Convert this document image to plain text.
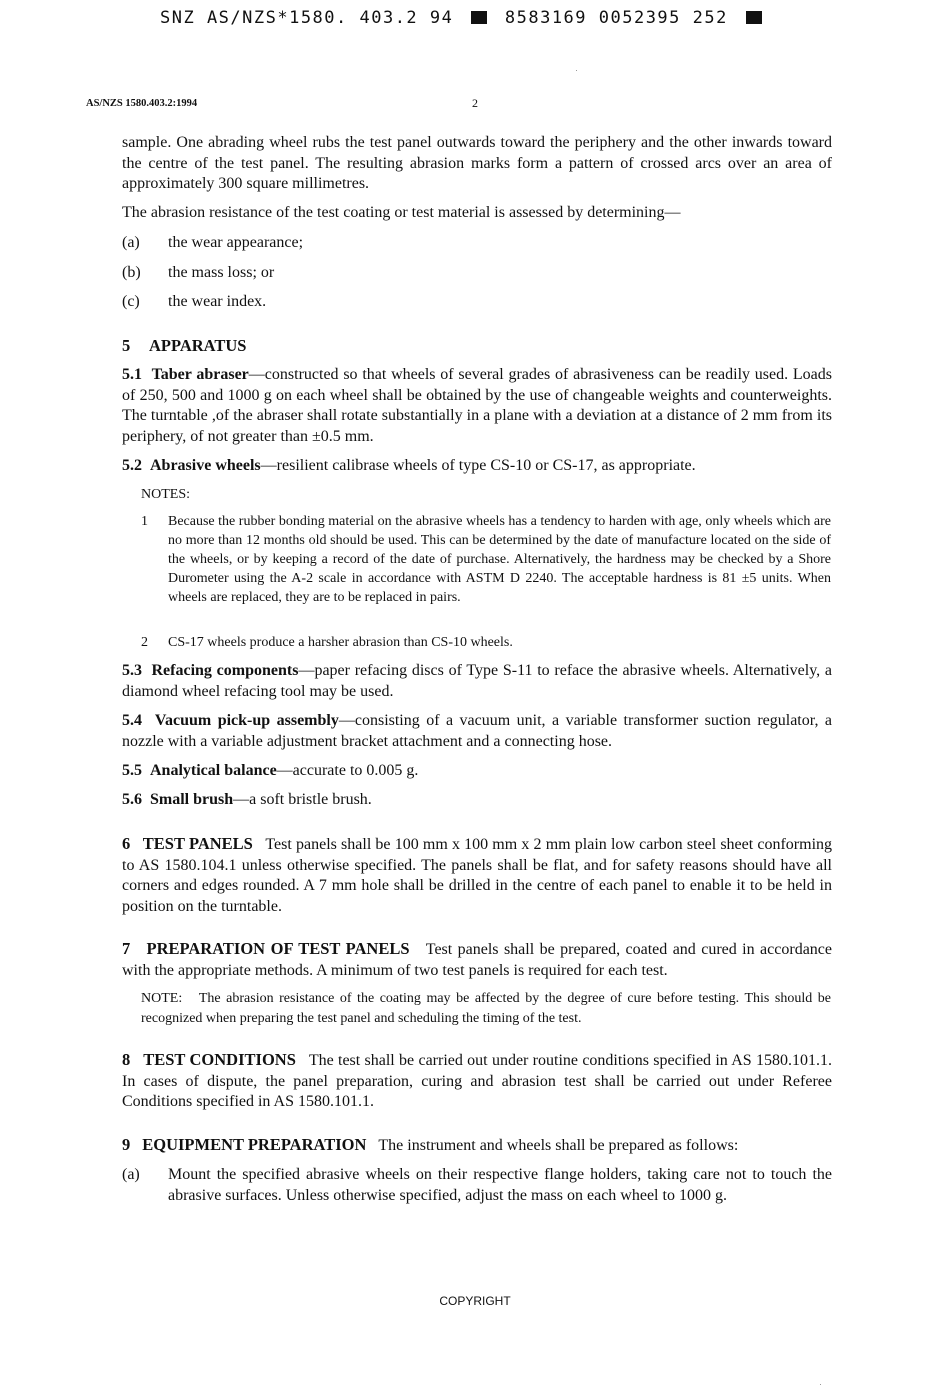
SNZ AS/NZS*1580. 403.2 94	8583169 0052395 252
AS/NZS 1580.403.2:1994	2
sample. One abrading wheel rubs the test panel outwards toward the periphery and the other inwards toward the centre of the test panel. The resulting abrasion marks form a pattern of crossed arcs over an area of approximately 300 square millimetres.
The abrasion resistance of the test coating or test material is assessed by determining—
(a) the wear appearance;
(b) the mass loss; or
(c) the wear index.
5 APPARATUS
5.1 Taber abraser—constructed so that wheels of several grades of abrasiveness can be readily used. Loads of 250, 500 and 1000 g on each wheel shall be obtained by the use of changeable weights and counterweights. The turntable ,of the abraser shall rotate substantially in a plane with a deviation at a distance of 2 mm from its periphery, of not greater than ±0.5 mm.
5.2 Abrasive wheels—resilient calibrase wheels of type CS-10 or CS-17, as appropriate.
NOTES:
1 Because the rubber bonding material on the abrasive wheels has a tendency to harden with age, only wheels which are no more than 12 months old should be used. This can be determined by the date of manufacture located on the side of the wheels, or by keeping a record of the date of purchase. Alternatively, the hardness may be checked by a Shore Durometer using the A-2 scale in accordance with ASTM D 2240. The acceptable hardness is 81 ±5 units. When wheels are replaced, they are to be replaced in pairs.
2 CS-17 wheels produce a harsher abrasion than CS-10 wheels.
5.3 Refacing components—paper refacing discs of Type S-11 to reface the abrasive wheels. Alternatively, a diamond wheel refacing tool may be used.
5.4 Vacuum pick-up assembly—consisting of a vacuum unit, a variable transformer suction regulator, a nozzle with a variable adjustment bracket attachment and a connecting hose.
5.5 Analytical balance—accurate to 0.005 g.
5.6 Small brush—a soft bristle brush.
6 TEST PANELS Test panels shall be 100 mm x 100 mm x 2 mm plain low carbon steel sheet conforming to AS 1580.104.1 unless otherwise specified. The panels shall be flat, and for safety reasons should have all corners and edges rounded. A 7 mm hole shall be drilled in the centre of each panel to enable it to be held in position on the turntable.
7 PREPARATION OF TEST PANELS Test panels shall be prepared, coated and cured in accordance with the appropriate methods. A minimum of two test panels is required for each test.
NOTE: The abrasion resistance of the coating may be affected by the degree of cure before testing. This should be recognized when preparing the test panel and scheduling the timing of the test.
8 TEST CONDITIONS The test shall be carried out under routine conditions specified in AS 1580.101.1. In cases of dispute, the panel preparation, curing and abrasion test shall be carried out under Referee Conditions specified in AS 1580.101.1.
9 EQUIPMENT PREPARATION The instrument and wheels shall be prepared as follows:
(a) Mount the specified abrasive wheels on their respective flange holders, taking care not to touch the abrasive surfaces. Unless otherwise specified, adjust the mass on each wheel to 1000 g.
COPYRIGHT
